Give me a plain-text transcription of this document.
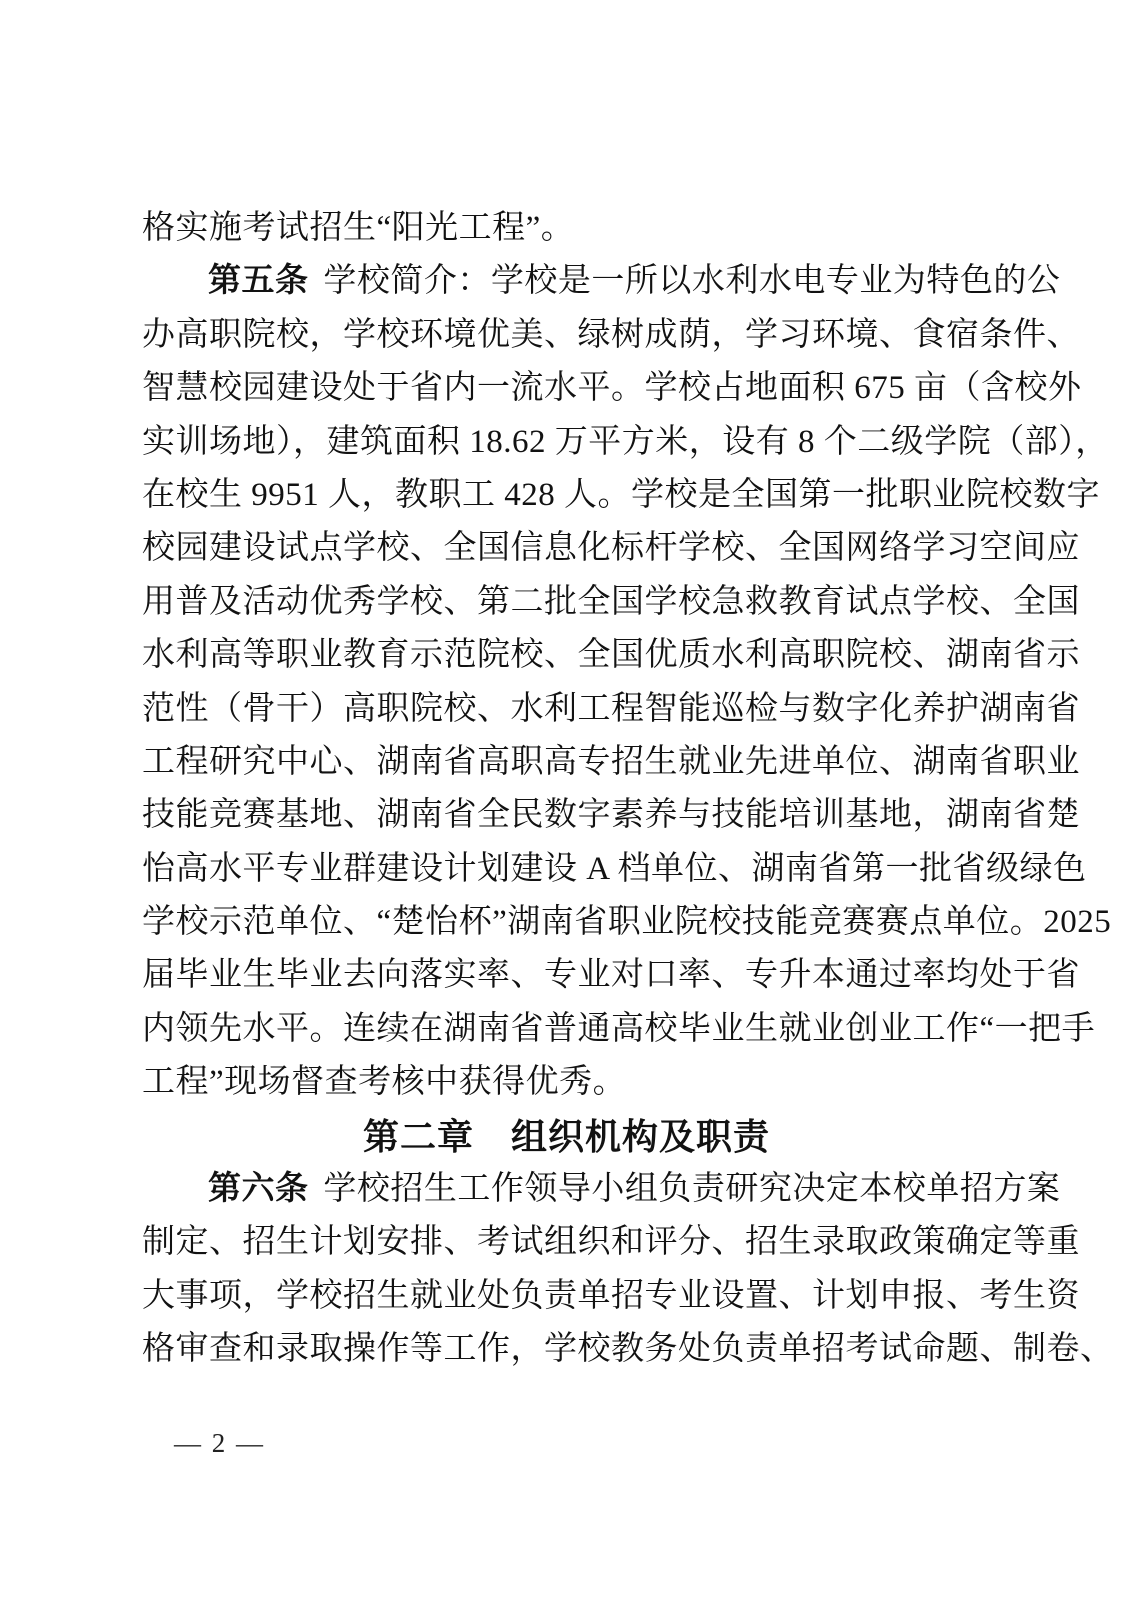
格实施考试招生“阳光工程”。
第五条 学校简介：学校是一所以水利水电专业为特色的公
办高职院校，学校环境优美、绿树成荫，学习环境、食宿条件、
智慧校园建设处于省内一流水平。学校占地面积 675 亩（含校外
实训场地），建筑面积 18.62 万平方米，设有 8 个二级学院（部），
在校生 9951 人，教职工 428 人。学校是全国第一批职业院校数字
校园建设试点学校、全国信息化标杆学校、全国网络学习空间应
用普及活动优秀学校、第二批全国学校急救教育试点学校、全国
水利高等职业教育示范院校、全国优质水利高职院校、湖南省示
范性（骨干）高职院校、水利工程智能巡检与数字化养护湖南省
工程研究中心、湖南省高职高专招生就业先进单位、湖南省职业
技能竞赛基地、湖南省全民数字素养与技能培训基地，湖南省楚
怡高水平专业群建设计划建设 A 档单位、湖南省第一批省级绿色
学校示范单位、“楚怡杯”湖南省职业院校技能竞赛赛点单位。2025
届毕业生毕业去向落实率、专业对口率、专升本通过率均处于省
内领先水平。连续在湖南省普通高校毕业生就业创业工作“一把手
工程”现场督查考核中获得优秀。
第二章　组织机构及职责
第六条 学校招生工作领导小组负责研究决定本校单招方案
制定、招生计划安排、考试组织和评分、招生录取政策确定等重
大事项，学校招生就业处负责单招专业设置、计划申报、考生资
格审查和录取操作等工作，学校教务处负责单招考试命题、制卷、
— 2 —
